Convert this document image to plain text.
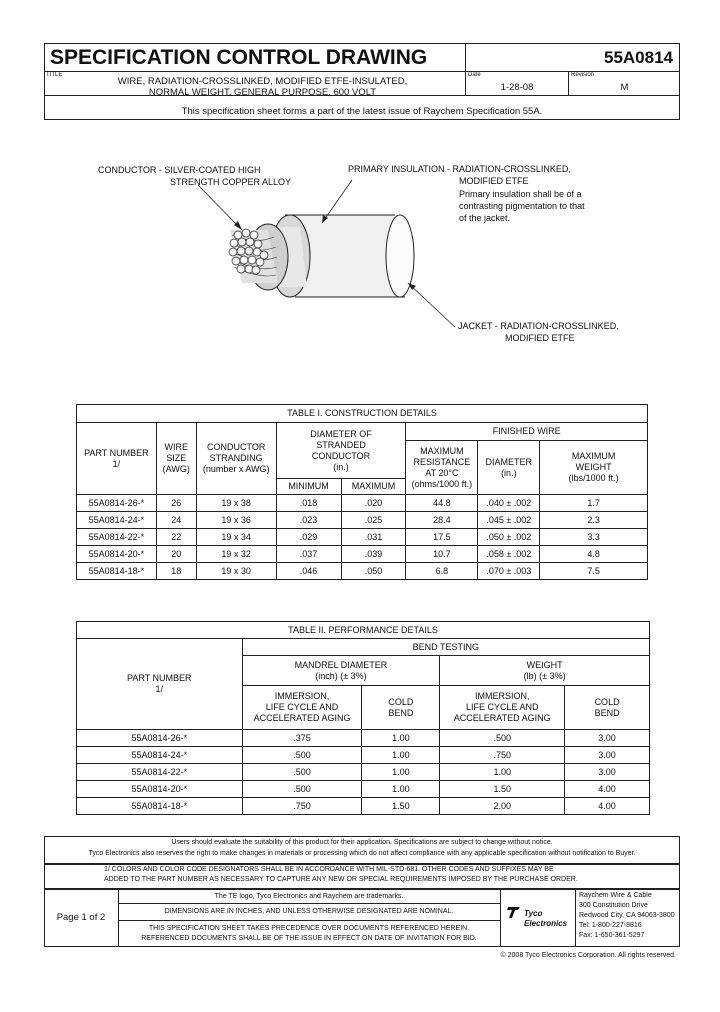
SPECIFICATION CONTROL DRAWING	55A0814
TITLE
WIRE, RADIATION-CROSSLINKED, MODIFIED ETFE-INSULATED,
NORMAL WEIGHT, GENERAL PURPOSE, 600 VOLT
Date
1-28-08
Revision
M
This specification sheet forms a part of the latest issue of Raychem Specification 55A.
CONDUCTOR - SILVER-COATED HIGH
STRENGTH COPPER ALLOY
PRIMARY INSULATION - RADIATION-CROSSLINKED,
MODIFIED ETFE
Primary insulation shall be of a
contrasting pigmentation to that
of the jacket.
JACKET - RADIATION-CROSSLINKED,
MODIFIED ETFE
TABLE I. CONSTRUCTION DETAILS							
PART NUMBER
1/	WIRE
SIZE
(AWG)	CONDUCTOR
STRANDING
(number x AWG)	DIAMETER OF
STRANDED
CONDUCTOR
(in.)		FINISHED WIRE		
					MAXIMUM
RESISTANCE
AT 20°C
(ohms/1000 ft.)	DIAMETER
(in.)	MAXIMUM
WEIGHT
(lbs/1000 ft.)
			MINIMUM	MAXIMUM			
55A0814-26-*	26	19 x 38	.018	.020	44.8	.040 ± .002	1.7
55A0814-24-*	24	19 x 36	.023	.025	28.4	.045 ± .002	2.3
55A0814-22-*	22	19 x 34	.029	.031	17.5	.050 ± .002	3.3
55A0814-20-*	20	19 x 32	.037	.039	10.7	.058 ± .002	4.8
55A0814-18-*	18	19 x 30	.046	.050	6.8	.070 ± .003	7.5
TABLE II. PERFORMANCE DETAILS				
PART NUMBER
1/	BEND TESTING			
	MANDREL DIAMETER
(inch) (± 3%)		WEIGHT
(lb) (± 3%)	
	IMMERSION,
LIFE CYCLE AND
ACCELERATED AGING	COLD
BEND	IMMERSION,
LIFE CYCLE AND
ACCELERATED AGING	COLD
BEND

55A0814-26-*	.375	1.00	.500	3.00
55A0814-24-*	.500	1.00	.750	3.00
55A0814-22-*	.500	1.00	1.00	3.00
55A0814-20-*	.500	1.00	1.50	4.00
55A0814-18-*	.750	1.50	2.00	4.00
Users should evaluate the suitability of this product for their application. Specifications are subject to change without notice.
Tyco Electronics also reserves the right to make changes in materials or processing which do not affect compliance with any applicable specification without notification to Buyer.
1/ COLORS AND COLOR CODE DESIGNATORS SHALL BE IN ACCORDANCE WITH MIL-STD-681. OTHER CODES AND SUFFIXES MAY BE
ADDED TO THE PART NUMBER AS NECESSARY TO CAPTURE ANY NEW OR SPECIAL REQUIREMENTS IMPOSED BY THE PURCHASE ORDER.
Page 1 of 2
The TE logo, Tyco Electronics and Raychem are trademarks.
DIMENSIONS ARE IN INCHES, AND UNLESS OTHERWISE DESIGNATED ARE NOMINAL.
THIS SPECIFICATION SHEET TAKES PRECEDENCE OVER DOCUMENTS REFERENCED HEREIN.
REFERENCED DOCUMENTS SHALL BE OF THE ISSUE IN EFFECT ON DATE OF INVITATION FOR BID.
Tyco
Electronics
Raychem Wire & Cable
300 Constitution Drive
Redwood City, CA 94063-3800
Tel: 1-800-227-8816
Fax: 1-650-361-5297
© 2008 Tyco Electronics Corporation. All rights reserved.
